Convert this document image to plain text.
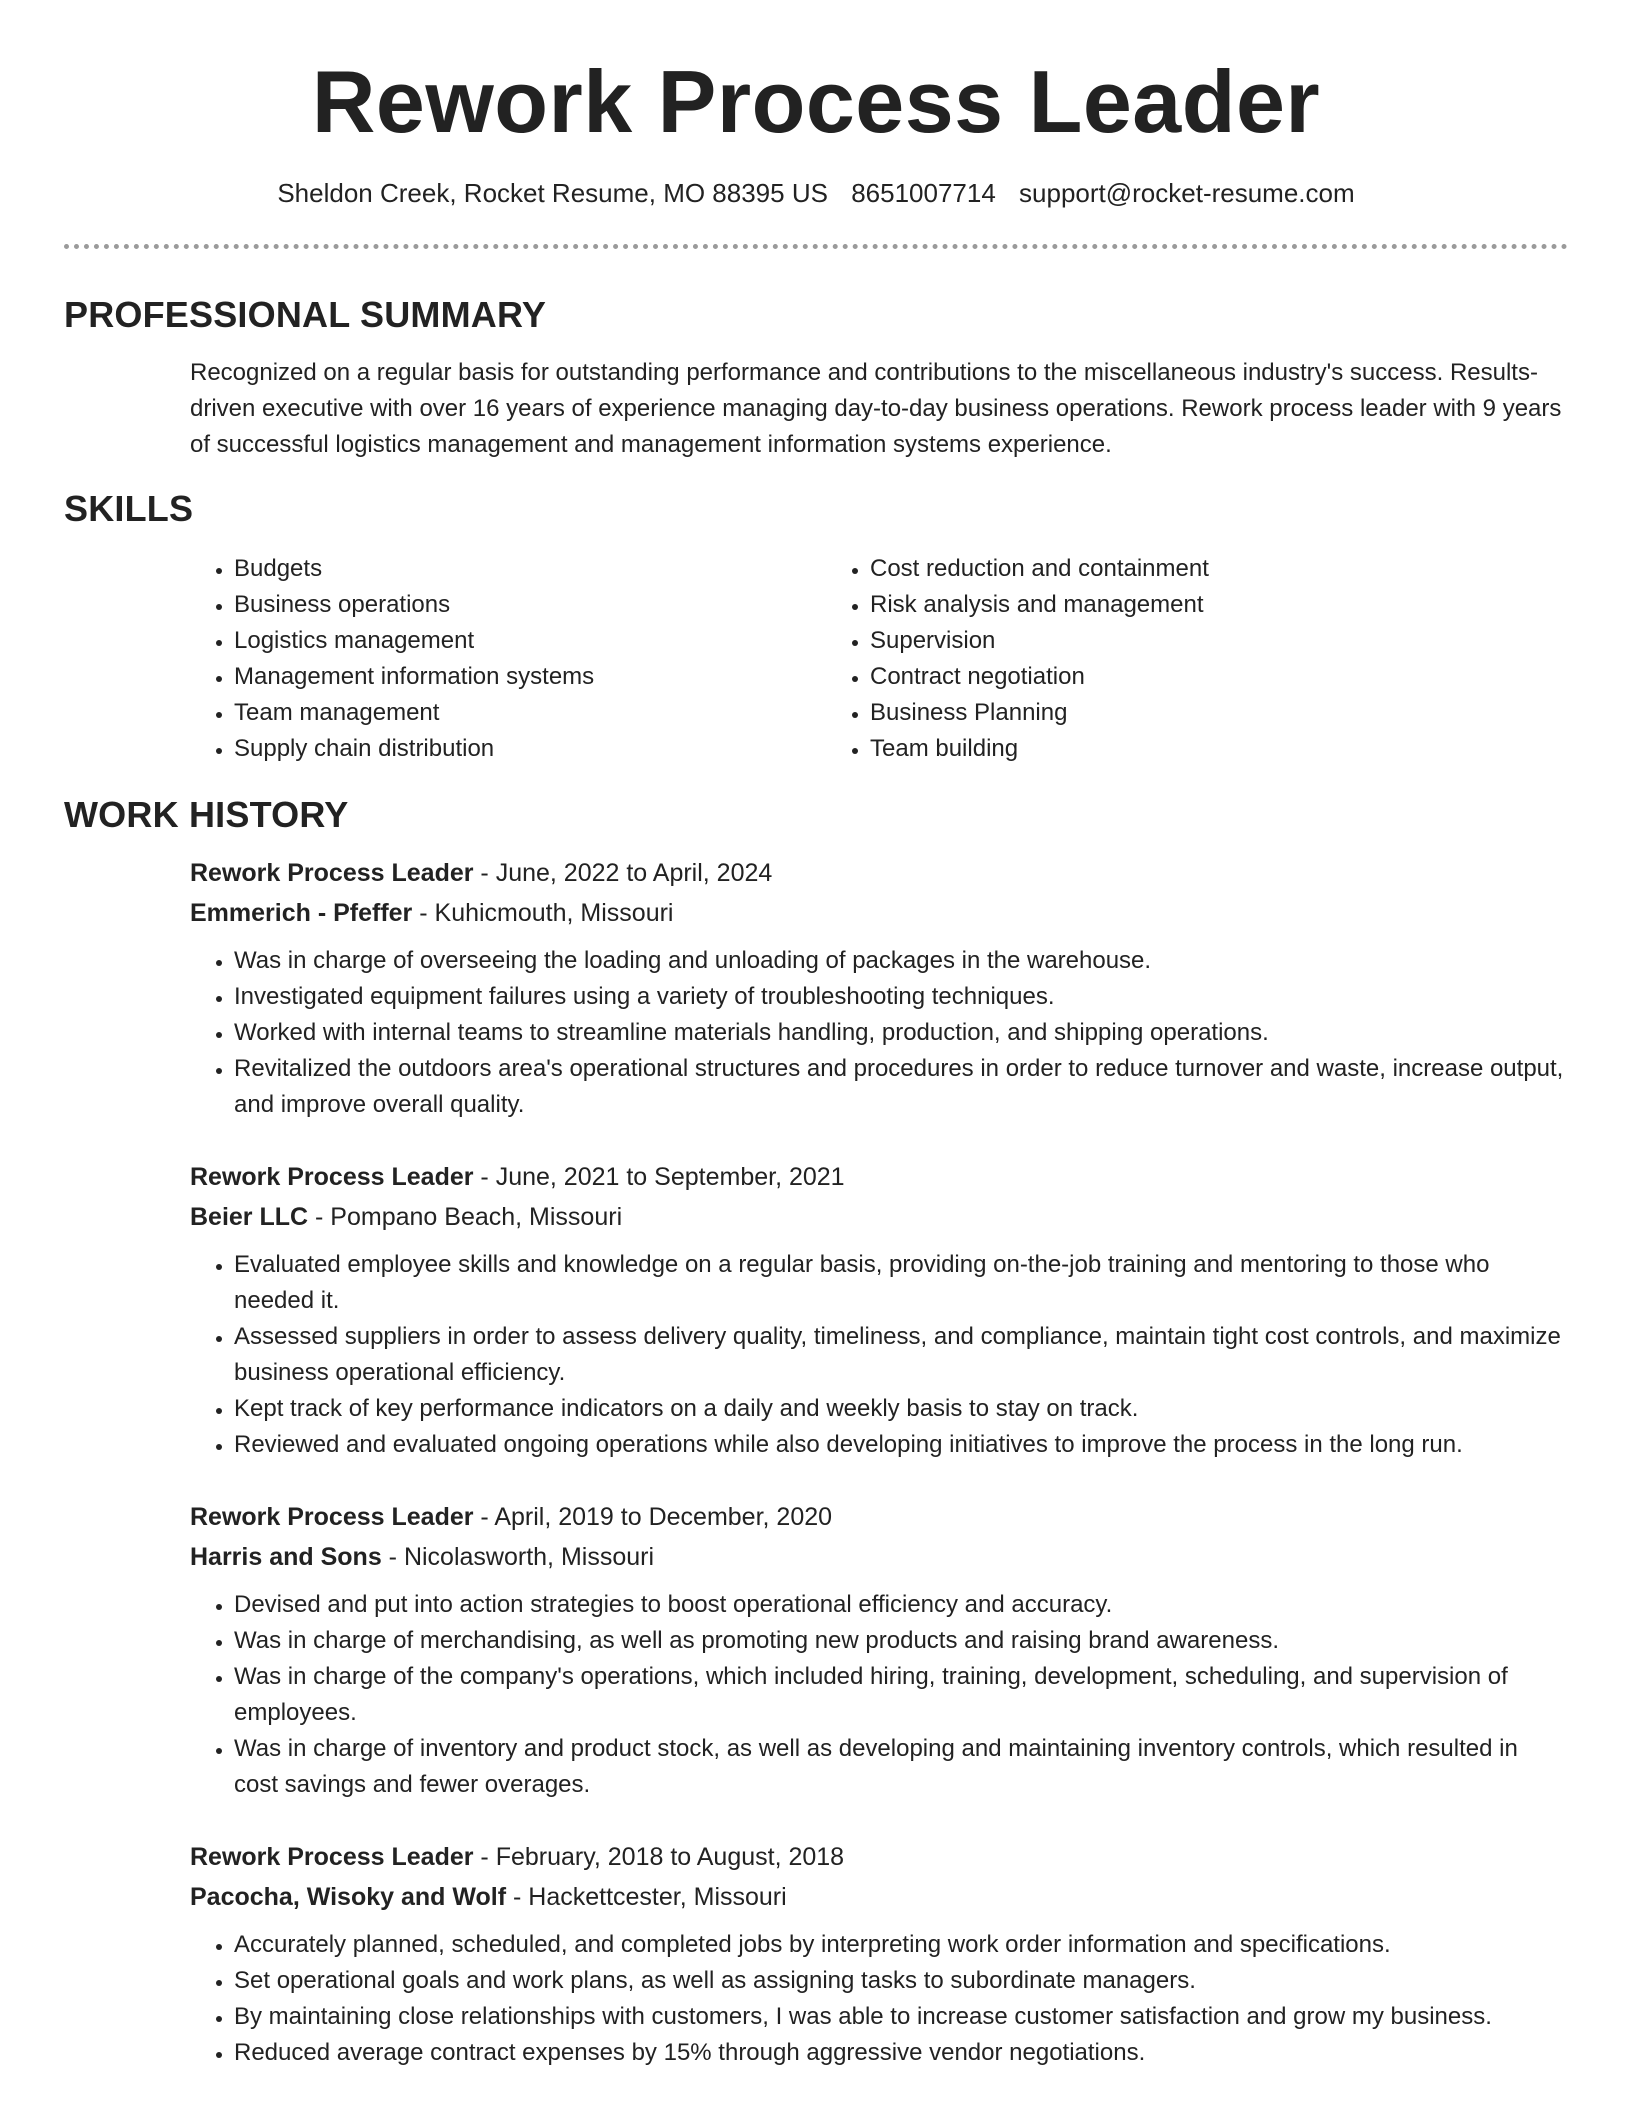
Rework Process Leader
Sheldon Creek, Rocket Resume, MO 88395 US 8651007714 support@rocket-resume.com
PROFESSIONAL SUMMARY

Recognized on a regular basis for outstanding performance and contributions to the miscellaneous industry's success. Results-driven executive with over 16 years of experience managing day-to-day business operations. Rework process leader with 9 years of successful logistics management and management information systems experience.

SKILLS
• Budgets
• Business operations
• Logistics management
• Management information systems
• Team management
• Supply chain distribution
• Cost reduction and containment
• Risk analysis and management
• Supervision
• Contract negotiation
• Business Planning
• Team building
WORK HISTORY
Rework Process Leader - June, 2022 to April, 2024
Emmerich - Pfeffer - Kuhicmouth, Missouri
• Was in charge of overseeing the loading and unloading of packages in the warehouse.
• Investigated equipment failures using a variety of troubleshooting techniques.
• Worked with internal teams to streamline materials handling, production, and shipping operations.
• Revitalized the outdoors area's operational structures and procedures in order to reduce turnover and waste, increase output, and improve overall quality.
Rework Process Leader - June, 2021 to September, 2021
Beier LLC - Pompano Beach, Missouri
• Evaluated employee skills and knowledge on a regular basis, providing on-the-job training and mentoring to those who needed it.
• Assessed suppliers in order to assess delivery quality, timeliness, and compliance, maintain tight cost controls, and maximize business operational efficiency.
• Kept track of key performance indicators on a daily and weekly basis to stay on track.
• Reviewed and evaluated ongoing operations while also developing initiatives to improve the process in the long run.
Rework Process Leader - April, 2019 to December, 2020
Harris and Sons - Nicolasworth, Missouri
• Devised and put into action strategies to boost operational efficiency and accuracy.
• Was in charge of merchandising, as well as promoting new products and raising brand awareness.
• Was in charge of the company's operations, which included hiring, training, development, scheduling, and supervision of employees.
• Was in charge of inventory and product stock, as well as developing and maintaining inventory controls, which resulted in cost savings and fewer overages.
Rework Process Leader - February, 2018 to August, 2018
Pacocha, Wisoky and Wolf - Hackettcester, Missouri
• Accurately planned, scheduled, and completed jobs by interpreting work order information and specifications.
• Set operational goals and work plans, as well as assigning tasks to subordinate managers.
• By maintaining close relationships with customers, I was able to increase customer satisfaction and grow my business.
• Reduced average contract expenses by 15% through aggressive vendor negotiations.
